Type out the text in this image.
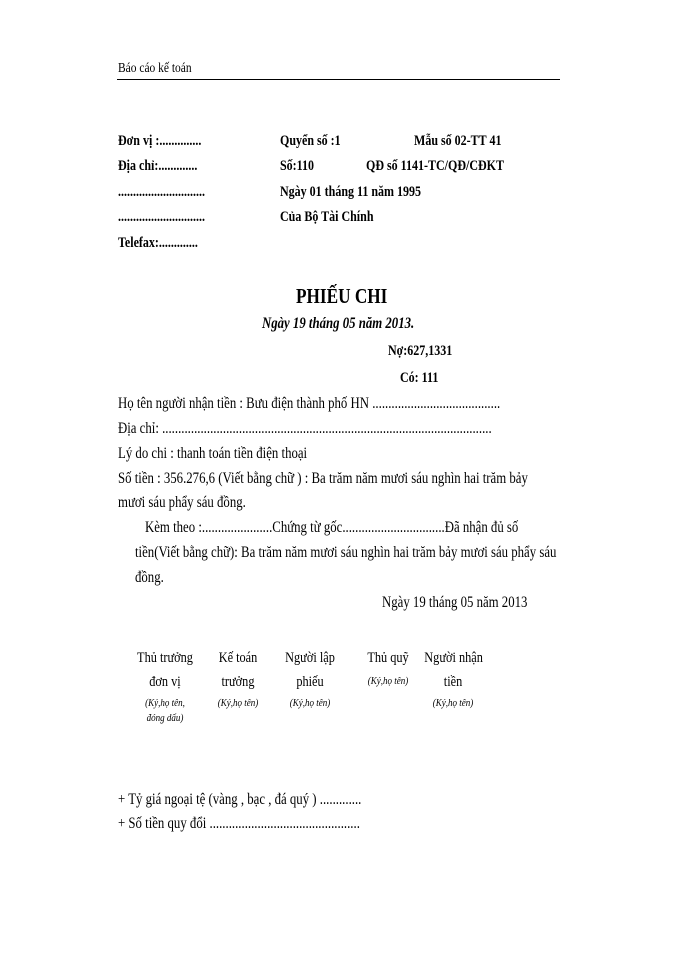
Báo cáo kế toán
Đơn vị :..............
Địa chỉ:.............
.............................
.............................
Telefax:.............
Quyển số :1
Số:110
Ngày 01 tháng 11 năm 1995
Của Bộ Tài Chính
Mẫu số 02-TT 41
QĐ số 1141-TC/QĐ/CĐKT
PHIẾU CHI
Ngày 19 tháng 05 năm 2013.
Nợ:627,1331
Có: 111
Họ tên người nhận tiền : Bưu điện thành phố HN ........................................
Địa chỉ: .......................................................................................................
Lý do chi : thanh toán tiền điện thoại
Số tiền : 356.276,6 (Viết bằng chữ ) : Ba trăm năm mươi sáu nghìn hai trăm bảy
mươi sáu phẩy sáu đồng.
Kèm theo :......................Chứng từ gốc................................Đã nhận đủ số
tiền(Viết bằng chữ): Ba trăm năm mươi sáu nghìn hai trăm bảy mươi sáu phẩy sáu
đồng.
Ngày 19 tháng 05 năm 2013
Thủ trưởng
đơn vị
(Ký,họ tên,
đóng dấu)
Kế toán
trưởng
(Ký,họ tên)
Người lập
phiếu
(Ký,họ tên)
Thủ quỹ
(Ký,họ tên)
Người nhận
tiền
(Ký,họ tên)
+ Tỷ giá ngoại tệ (vàng , bạc , đá quý ) .............
+ Số tiền quy đổi ...............................................
